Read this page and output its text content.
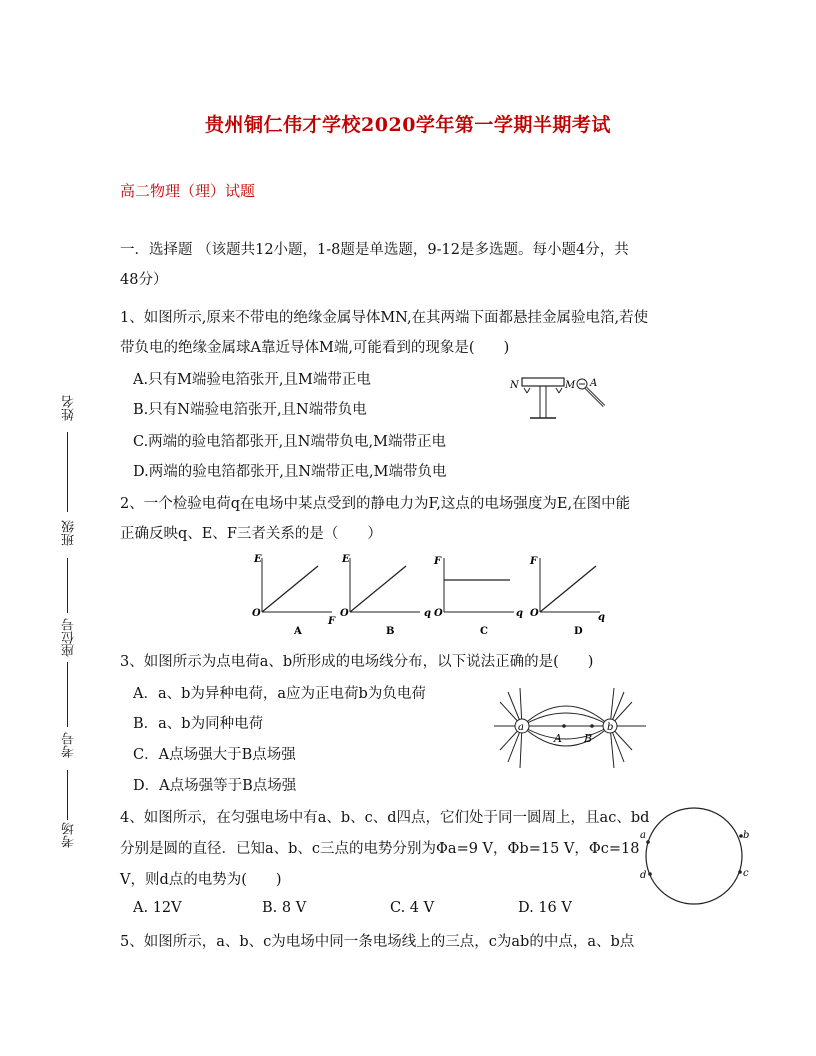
贵州铜仁伟才学校2020学年第一学期半期考试
高二物理（理）试题
姓名
班级
座位号
考号
考场
一．选择题 （该题共12小题，1-8题是单选题，9-12是多选题。每小题4分，共
48分）
1、如图所示,原来不带电的绝缘金属导体MN,在其两端下面都悬挂金属验电箔,若使
带负电的绝缘金属球A靠近导体M端,可能看到的现象是(　　)
A.只有M端验电箔张开,且M端带正电
B.只有N端验电箔张开,且N端带负电
C.两端的验电箔都张开,且N端带负电,M端带正电
D.两端的验电箔都张开,且N端带正电,M端带负电
N	M A
2、一个检验电荷q在电场中某点受到的静电力为F,这点的电场强度为E,在图中能
正确反映q、E、F三者关系的是（　　）
E
O
F
A
E
O	q
B
F
O	q
C
F
O	q
D
3、如图所示为点电荷a、b所形成的电场线分布，以下说法正确的是(　　)
A．a、b为异种电荷，a应为正电荷b为负电荷
B．a、b为同种电荷
C．A点场强大于B点场强
D．A点场强等于B点场强
a	b
A B
4、如图所示，在匀强电场中有a、b、c、d四点，它们处于同一圆周上，且ac、bd
分别是圆的直径．已知a、b、c三点的电势分别为Φa=9 V，Φb=15 V，Φc=18
V，则d点的电势为(　　)
A. 12V	B. 8 V	C. 4 V	D. 16 V
a	b
c
d
5、如图所示，a、b、c为电场中同一条电场线上的三点，c为ab的中点，a、b点
